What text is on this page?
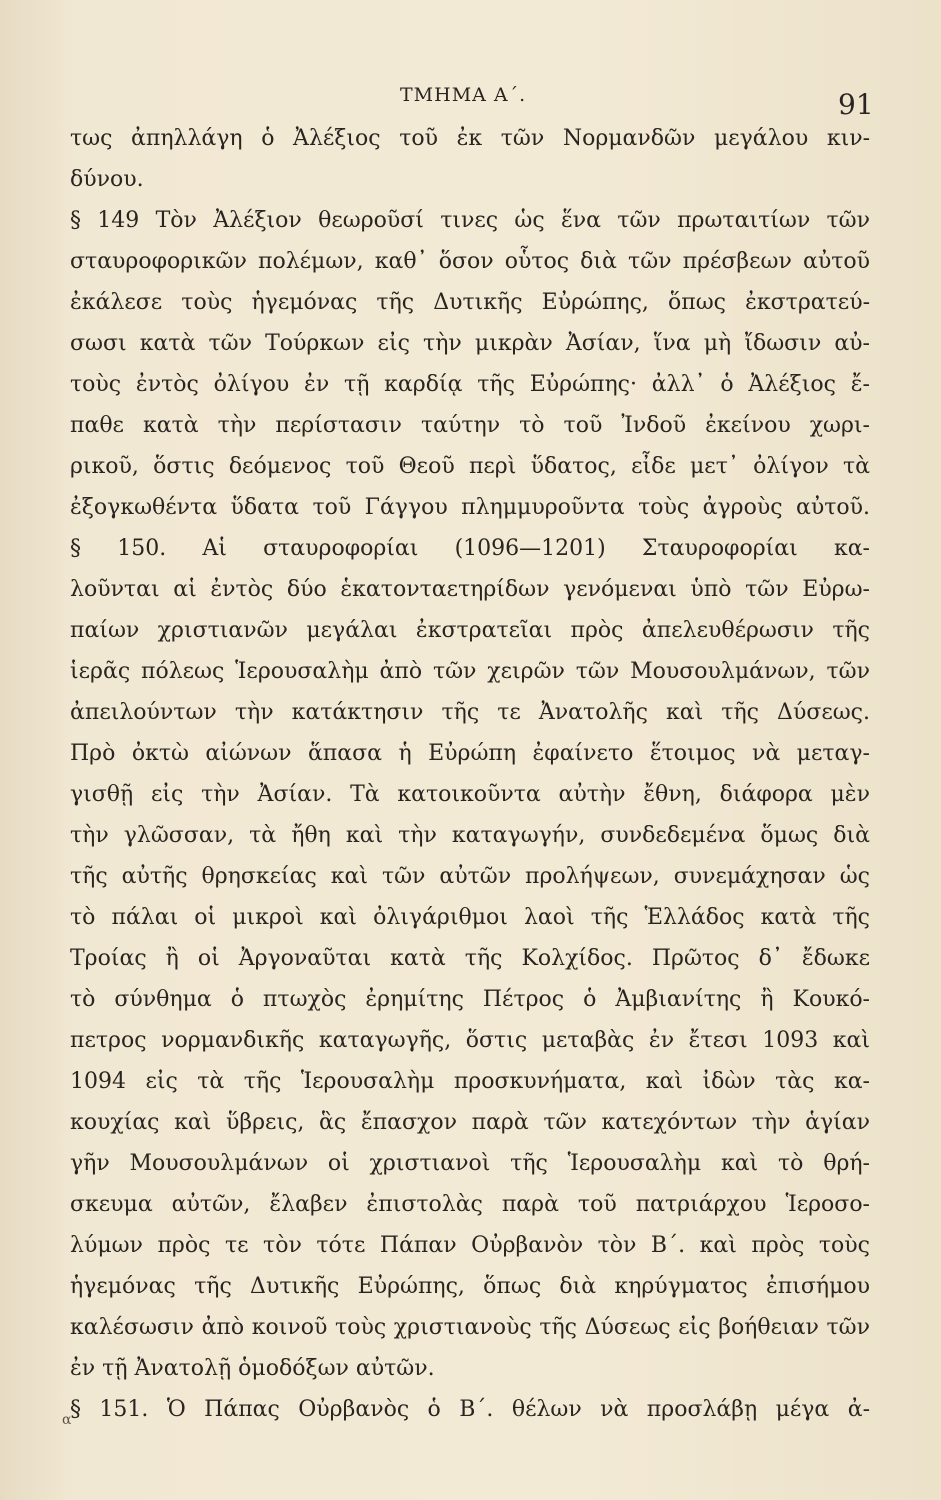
ΤΜΗΜΑ Α΄.	91
τως ἀπηλλάγη ὁ Ἀλέξιος τοῦ ἐκ τῶν Νορμανδῶν μεγάλου κιν-
δύνου.
§ 149 Τὸν Ἀλέξιον θεωροῦσί τινες ὡς ἕνα τῶν πρωταιτίων τῶν
σταυροφορικῶν πολέμων, καθ᾽ ὅσον οὗτος διὰ τῶν πρέσβεων αὐτοῦ
ἐκάλεσε τοὺς ἡγεμόνας τῆς Δυτικῆς Εὐρώπης, ὅπως ἐκστρατεύ-
σωσι κατὰ τῶν Τούρκων εἰς τὴν μικρὰν Ἀσίαν, ἵνα μὴ ἴδωσιν αὐ-
τοὺς ἐντὸς ὀλίγου ἐν τῇ καρδίᾳ τῆς Εὐρώπης· ἀλλ᾽ ὁ Ἀλέξιος ἔ-
παθε κατὰ τὴν περίστασιν ταύτην τὸ τοῦ Ἰνδοῦ ἐκείνου χωρι-
ρικοῦ, ὅστις δεόμενος τοῦ Θεοῦ περὶ ὕδατος, εἶδε μετ᾽ ὀλίγον τὰ
ἐξογκωθέντα ὕδατα τοῦ Γάγγου πλημμυροῦντα τοὺς ἀγροὺς αὐτοῦ.
§ 150. Αἱ σταυροφορίαι (1096—1201) Σταυροφορίαι κα-
λοῦνται αἱ ἐντὸς δύο ἑκατονταετηρίδων γενόμεναι ὑπὸ τῶν Εὐρω-
παίων χριστιανῶν μεγάλαι ἐκστρατεῖαι πρὸς ἀπελευθέρωσιν τῆς
ἱερᾶς πόλεως Ἱερουσαλὴμ ἀπὸ τῶν χειρῶν τῶν Μουσουλμάνων, τῶν
ἀπειλούντων τὴν κατάκτησιν τῆς τε Ἀνατολῆς καὶ τῆς Δύσεως.
Πρὸ ὀκτὼ αἰώνων ἅπασα ἡ Εὐρώπη ἐφαίνετο ἕτοιμος νὰ μεταγ-
γισθῇ εἰς τὴν Ἀσίαν. Τὰ κατοικοῦντα αὐτὴν ἔθνη, διάφορα μὲν
τὴν γλῶσσαν, τὰ ἤθη καὶ τὴν καταγωγήν, συνδεδεμένα ὅμως διὰ
τῆς αὐτῆς θρησκείας καὶ τῶν αὐτῶν προλήψεων, συνεμάχησαν ὡς
τὸ πάλαι οἱ μικροὶ καὶ ὀλιγάριθμοι λαοὶ τῆς Ἑλλάδος κατὰ τῆς
Τροίας ἢ οἱ Ἀργοναῦται κατὰ τῆς Κολχίδος. Πρῶτος δ᾽ ἔδωκε
τὸ σύνθημα ὁ πτωχὸς ἐρημίτης Πέτρος ὁ Ἀμβιανίτης ἢ Κουκό-
πετρος νορμανδικῆς καταγωγῆς, ὅστις μεταβὰς ἐν ἔτεσι 1093 καὶ
1094 εἰς τὰ τῆς Ἱερουσαλὴμ προσκυνήματα, καὶ ἰδὼν τὰς κα-
κουχίας καὶ ὕβρεις, ἃς ἔπασχον παρὰ τῶν κατεχόντων τὴν ἁγίαν
γῆν Μουσουλμάνων οἱ χριστιανοὶ τῆς Ἱερουσαλὴμ καὶ τὸ θρή-
σκευμα αὐτῶν, ἔλαβεν ἐπιστολὰς παρὰ τοῦ πατριάρχου Ἱεροσο-
λύμων πρὸς τε τὸν τότε Πάπαν Οὐρβανὸν τὸν Β΄. καὶ πρὸς τοὺς
ἡγεμόνας τῆς Δυτικῆς Εὐρώπης, ὅπως διὰ κηρύγματος ἐπισήμου
καλέσωσιν ἀπὸ κοινοῦ τοὺς χριστιανοὺς τῆς Δύσεως εἰς βοήθειαν τῶν
ἐν τῇ Ἀνατολῇ ὁμοδόξων αὐτῶν.
§ 151. Ὁ Πάπας Οὐρβανὸς ὁ Β΄. θέλων νὰ προσλάβῃ μέγα ἀ-
α
